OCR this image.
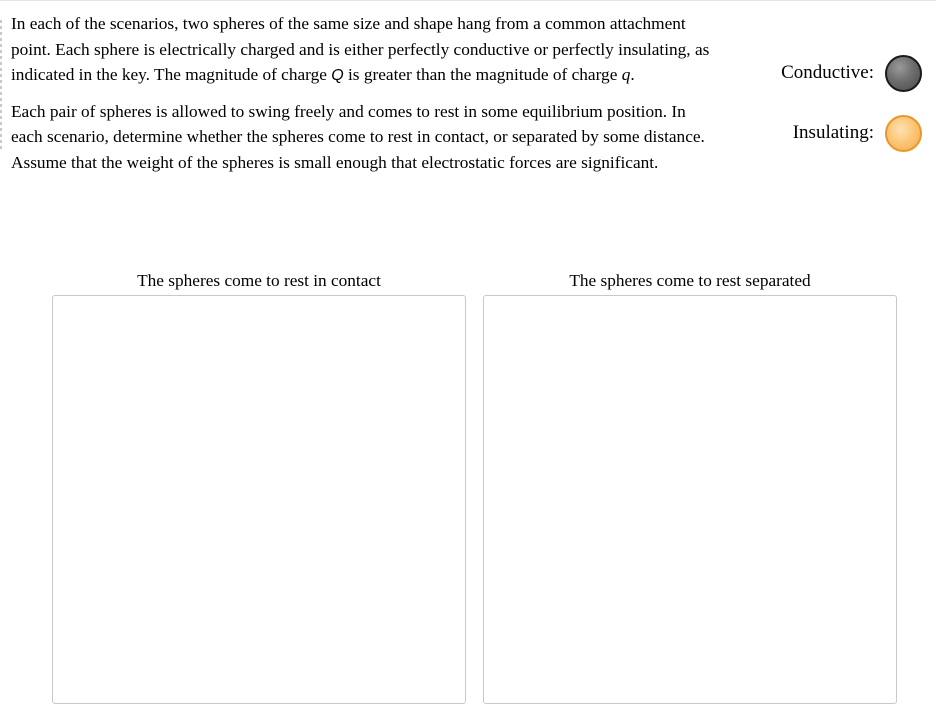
In each of the scenarios, two spheres of the same size and shape hang from a common attachment
point. Each sphere is electrically charged and is either perfectly conductive or perfectly insulating, as
indicated in the key. The magnitude of charge Q is greater than the magnitude of charge q.

Each pair of spheres is allowed to swing freely and comes to rest in some equilibrium position. In
each scenario, determine whether the spheres come to rest in contact, or separated by some distance.
Assume that the weight of the spheres is small enough that electrostatic forces are significant.

Conductive:
Insulating:
The spheres come to rest in contact	The spheres come to rest separated
